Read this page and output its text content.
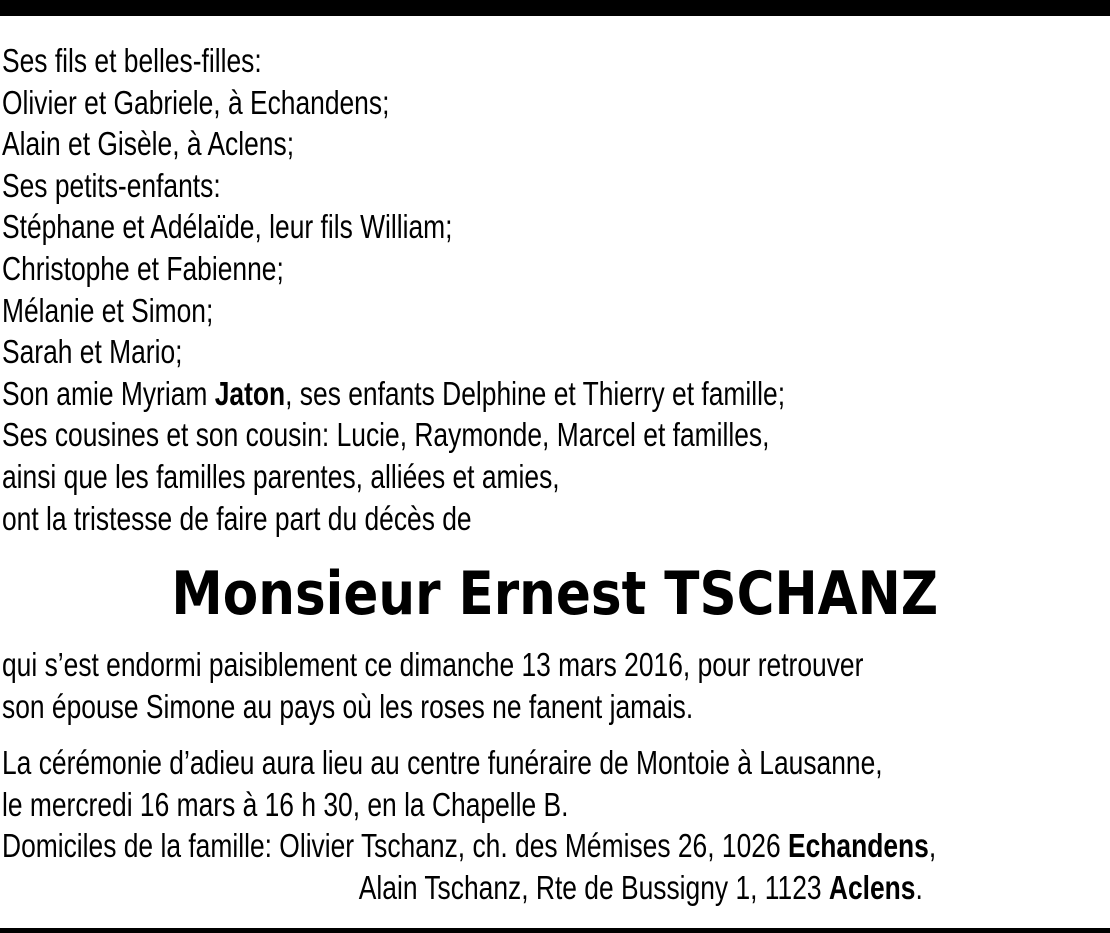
Ses fils et belles-filles:
Olivier et Gabriele, à Echandens;
Alain et Gisèle, à Aclens;
Ses petits-enfants:
Stéphane et Adélaïde, leur fils William;
Christophe et Fabienne;
Mélanie et Simon;
Sarah et Mario;
Son amie Myriam Jaton, ses enfants Delphine et Thierry et famille;
Ses cousines et son cousin: Lucie, Raymonde, Marcel et familles,
ainsi que les familles parentes, alliées et amies,
ont la tristesse de faire part du décès de
Monsieur Ernest TSCHANZ
qui s’est endormi paisiblement ce dimanche 13 mars 2016, pour retrouver
son épouse Simone au pays où les roses ne fanent jamais.
La cérémonie d’adieu aura lieu au centre funéraire de Montoie à Lausanne,
le mercredi 16 mars à 16 h 30, en la Chapelle B.
Domiciles de la famille: Olivier Tschanz, ch. des Mémises 26, 1026 Echandens,
Alain Tschanz, Rte de Bussigny 1, 1123 Aclens.
